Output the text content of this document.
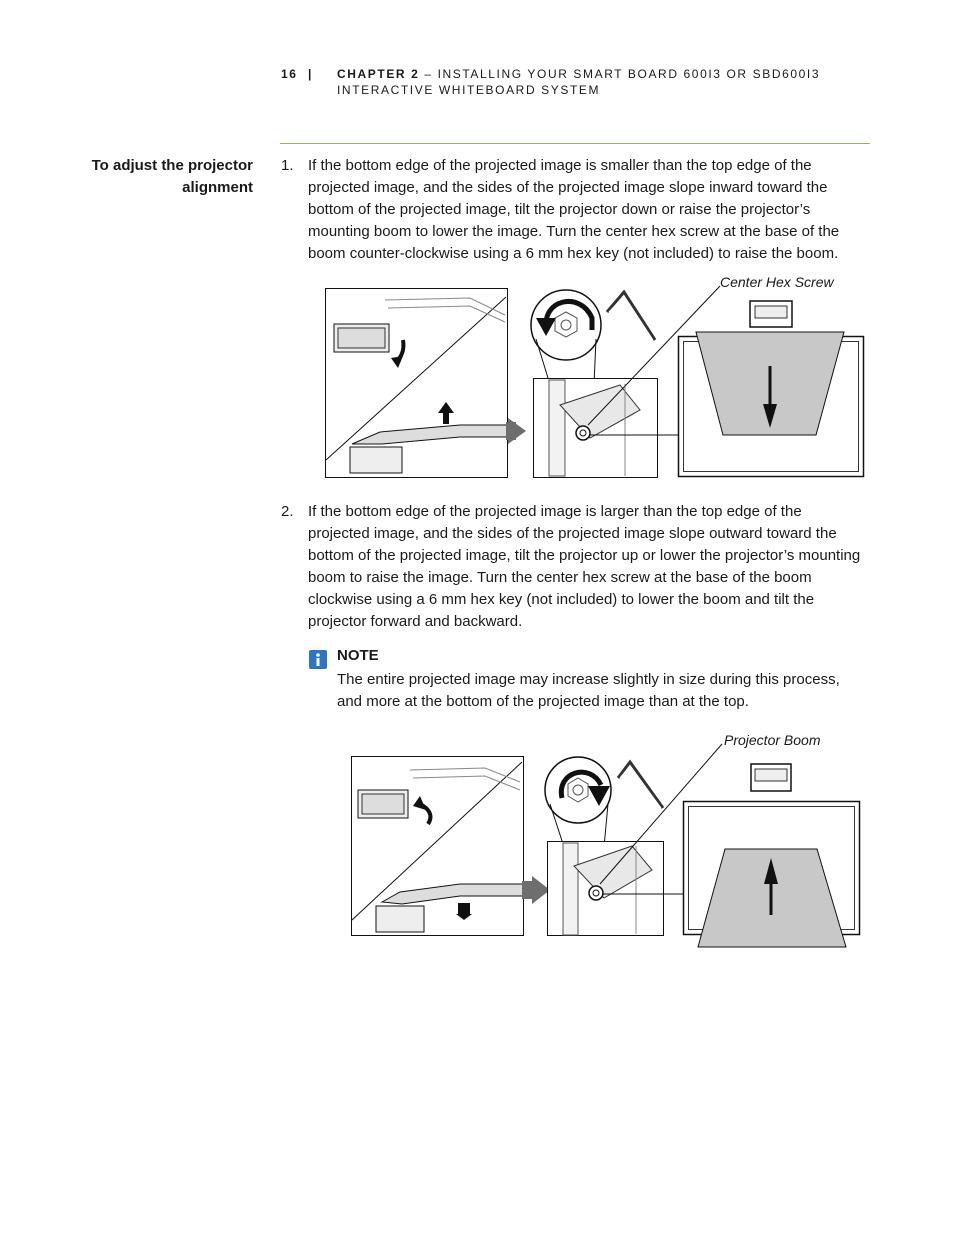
16 | CHAPTER 2 – INSTALLING YOUR SMART BOARD 600I3 OR SBD600I3 INTERACTIVE WHITEBOARD SYSTEM
To adjust the projector alignment
1. If the bottom edge of the projected image is smaller than the top edge of the projected image, and the sides of the projected image slope inward toward the bottom of the projected image, tilt the projector down or raise the projector’s mounting boom to lower the image. Turn the center hex screw at the base of the boom counter-clockwise using a 6 mm hex key (not included) to raise the boom.
Center Hex Screw
2. If the bottom edge of the projected image is larger than the top edge of the projected image, and the sides of the projected image slope outward toward the bottom of the projected image, tilt the projector up or lower the projector’s mounting boom to raise the image. Turn the center hex screw at the base of the boom clockwise using a 6 mm hex key (not included) to lower the boom and tilt the projector forward and backward.
NOTE
The entire projected image may increase slightly in size during this process, and more at the bottom of the projected image than at the top.
Projector Boom
